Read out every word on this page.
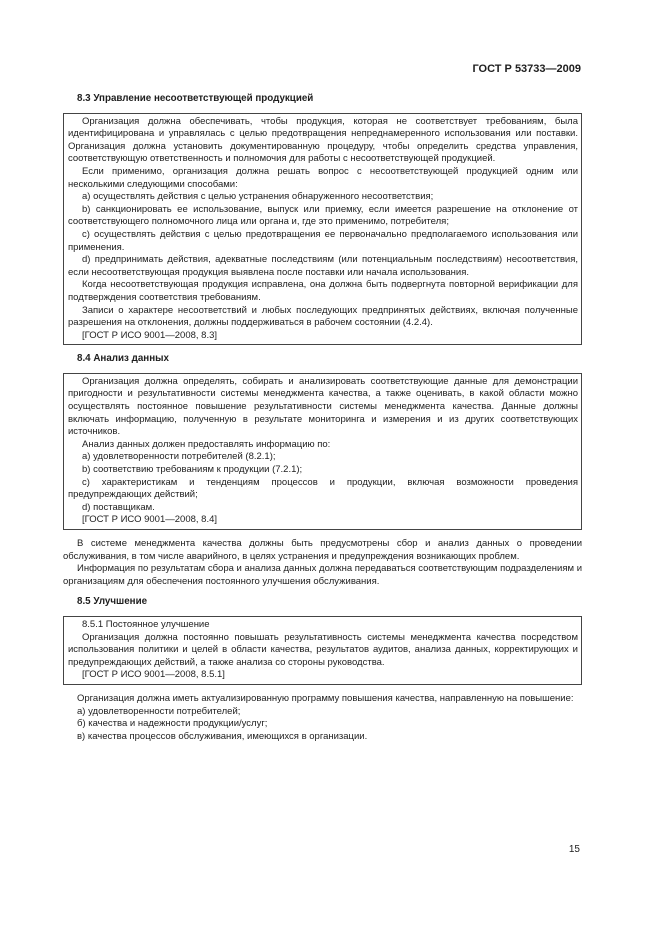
ГОСТ Р 53733—2009
8.3 Управление несоответствующей продукцией

Организация должна обеспечивать, чтобы продукция, которая не соответствует требованиям, была идентифицирована и управлялась с целью предотвращения непреднамеренного использования или поставки. Организация должна установить документированную процедуру, чтобы определить средства управления, соответствующую ответственность и полномочия для работы с несоответствующей продукцией.

Если применимо, организация должна решать вопрос с несоответствующей продукцией одним или несколькими следующими способами:

a) осуществлять действия с целью устранения обнаруженного несоответствия;

b) санкционировать ее использование, выпуск или приемку, если имеется разрешение на отклонение от соответствующего полномочного лица или органа и, где это применимо, потребителя;

c) осуществлять действия с целью предотвращения ее первоначально предполагаемого использования или применения.

d) предпринимать действия, адекватные последствиям (или потенциальным последствиям) несоответствия, если несоответствующая продукция выявлена после поставки или начала использования.

Когда несоответствующая продукция исправлена, она должна быть подвергнута повторной верификации для подтверждения соответствия требованиям.

Записи о характере несоответствий и любых последующих предпринятых действиях, включая полученные разрешения на отклонения, должны поддерживаться в рабочем состоянии (4.2.4).

[ГОСТ Р ИСО 9001—2008, 8.3]

8.4 Анализ данных

Организация должна определять, собирать и анализировать соответствующие данные для демонстрации пригодности и результативности системы менеджмента качества, а также оценивать, в какой области можно осуществлять постоянное повышение результативности системы менеджмента качества. Данные должны включать информацию, полученную в результате мониторинга и измерения и из других соответствующих источников.

Анализ данных должен предоставлять информацию по:

a) удовлетворенности потребителей (8.2.1);

b) соответствию требованиям к продукции (7.2.1);

c) характеристикам и тенденциям процессов и продукции, включая возможности проведения предупреждающих действий;

d) поставщикам.

[ГОСТ Р ИСО 9001—2008, 8.4]

В системе менеджмента качества должны быть предусмотрены сбор и анализ данных о проведении обслуживания, в том числе аварийного, в целях устранения и предупреждения возникающих проблем.

Информация по результатам сбора и анализа данных должна передаваться соответствующим подразделениям и организациям для обеспечения постоянного улучшения обслуживания.

8.5 Улучшение

8.5.1 Постоянное улучшение

Организация должна постоянно повышать результативность системы менеджмента качества посредством использования политики и целей в области качества, результатов аудитов, анализа данных, корректирующих и предупреждающих действий, а также анализа со стороны руководства.

[ГОСТ Р ИСО 9001—2008, 8.5.1]

Организация должна иметь актуализированную программу повышения качества, направленную на повышение:

а) удовлетворенности потребителей;

б) качества и надежности продукции/услуг;

в) качества процессов обслуживания, имеющихся в организации.

15
